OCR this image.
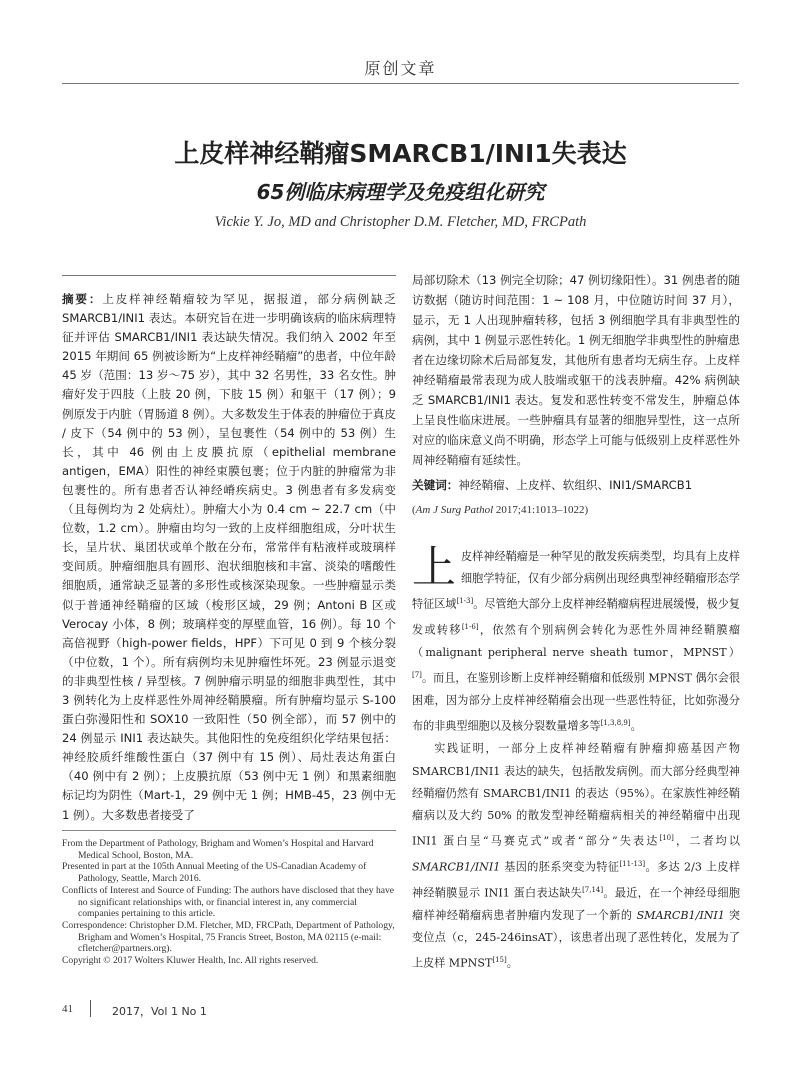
原创文章
上皮样神经鞘瘤SMARCB1/INI1失表达
65例临床病理学及免疫组化研究
Vickie Y. Jo, MD and Christopher D.M. Fletcher, MD, FRCPath
摘要：上皮样神经鞘瘤较为罕见，据报道，部分病例缺乏SMARCB1/INI1 表达。本研究旨在进一步明确该病的临床病理特征并评估 SMARCB1/INI1 表达缺失情况。我们纳入 2002 年至 2015 年期间 65 例被诊断为“上皮样神经鞘瘤”的患者，中位年龄 45 岁（范围：13 岁～75 岁），其中 32 名男性，33 名女性。肿瘤好发于四肢（上肢 20 例，下肢 15 例）和躯干（17 例）；9 例原发于内脏（胃肠道 8 例）。大多数发生于体表的肿瘤位于真皮 / 皮下（54 例中的 53 例），呈包裹性（54 例中的 53 例）生长，其中 46 例由上皮膜抗原（epithelial membrane antigen，EMA）阳性的神经束膜包裹；位于内脏的肿瘤常为非包裹性的。所有患者否认神经嵴疾病史。3 例患者有多发病变（且每例均为 2 处病灶）。肿瘤大小为 0.4 cm ~ 22.7 cm（中位数，1.2 cm）。肿瘤由均匀一致的上皮样细胞组成，分叶状生长，呈片状、巢团状或单个散在分布，常常伴有粘液样或玻璃样变间质。肿瘤细胞具有圆形、泡状细胞核和丰富、淡染的嗜酸性细胞质，通常缺乏显著的多形性或核深染现象。一些肿瘤显示类似于普通神经鞘瘤的区域（梭形区域，29 例；Antoni B 区或 Verocay 小体，8 例；玻璃样变的厚壁血管，16 例）。每 10 个高倍视野（high-power fields，HPF）下可见 0 到 9 个核分裂（中位数，1 个）。所有病例均未见肿瘤性坏死。23 例显示退变的非典型性核 / 异型核。7 例肿瘤示明显的细胞非典型性，其中 3 例转化为上皮样恶性外周神经鞘膜瘤。所有肿瘤均显示 S-100 蛋白弥漫阳性和 SOX10 一致阳性（50 例全部），而 57 例中的 24 例显示 INI1 表达缺失。其他阳性的免疫组织化学结果包括：神经胶质纤维酸性蛋白（37 例中有 15 例）、局灶表达角蛋白（40 例中有 2 例）；上皮膜抗原（53 例中无 1 例）和黑素细胞标记均为阴性（Mart-1，29 例中无 1 例；HMB-45，23 例中无 1 例）。大多数患者接受了

From the Department of Pathology, Brigham and Women’s Hospital and Harvard Medical School, Boston, MA.

Presented in part at the 105th Annual Meeting of the US-Canadian Academy of Pathology, Seattle, March 2016.

Conflicts of Interest and Source of Funding: The authors have disclosed that they have no significant relationships with, or financial interest in, any commercial companies pertaining to this article.

Correspondence: Christopher D.M. Fletcher, MD, FRCPath, Department of Pathology, Brigham and Women’s Hospital, 75 Francis Street, Boston, MA 02115 (e-mail: cfletcher@partners.org).

Copyright © 2017 Wolters Kluwer Health, Inc. All rights reserved.

局部切除术（13 例完全切除；47 例切缘阳性）。31 例患者的随访数据（随访时间范围：1 ~ 108 月，中位随访时间 37 月），显示，无 1 人出现肿瘤转移，包括 3 例细胞学具有非典型性的病例，其中 1 例显示恶性转化。1 例无细胞学非典型性的肿瘤患者在边缘切除术后局部复发，其他所有患者均无病生存。上皮样神经鞘瘤最常表现为成人肢端或躯干的浅表肿瘤。42% 病例缺乏 SMARCB1/INI1 表达。复发和恶性转变不常发生，肿瘤总体上呈良性临床进展。一些肿瘤具有显著的细胞异型性，这一点所对应的临床意义尚不明确，形态学上可能与低级别上皮样恶性外周神经鞘瘤有延续性。
关键词：神经鞘瘤、上皮样、软组织、INI1/SMARCB1
(Am J Surg Pathol 2017;41:1013–1022)

上皮样神经鞘瘤是一种罕见的散发疾病类型，均具有上皮样细胞学特征，仅有少部分病例出现经典型神经鞘瘤形态学特征区域[1-3]。尽管绝大部分上皮样神经鞘瘤病程进展缓慢，极少复发或转移[1-6]，依然有个别病例会转化为恶性外周神经鞘膜瘤（malignant peripheral nerve sheath tumor，MPNST）[7]。而且，在鉴别诊断上皮样神经鞘瘤和低级别 MPNST 偶尔会很困难，因为部分上皮样神经鞘瘤会出现一些恶性特征，比如弥漫分布的非典型细胞以及核分裂数量增多等[1,3,8,9]。

实践证明，一部分上皮样神经鞘瘤有肿瘤抑癌基因产物 SMARCB1/INI1 表达的缺失，包括散发病例。而大部分经典型神经鞘瘤仍然有 SMARCB1/INI1 的表达（95%）。在家族性神经鞘瘤病以及大约 50% 的散发型神经鞘瘤病相关的神经鞘瘤中出现 INI1 蛋白呈“马赛克式”或者“部分”失表达[10]，二者均以 SMARCB1/INI1 基因的胚系突变为特征[11-13]。多达 2/3 上皮样神经鞘膜显示 INI1 蛋白表达缺失[7,14]。最近，在一个神经母细胞瘤样神经鞘瘤病患者肿瘤内发现了一个新的 SMARCB1/INI1 突变位点（c，245-246insAT），该患者出现了恶性转化，发展为了上皮样 MPNST[15]。

41	2017，Vol 1 No 1
